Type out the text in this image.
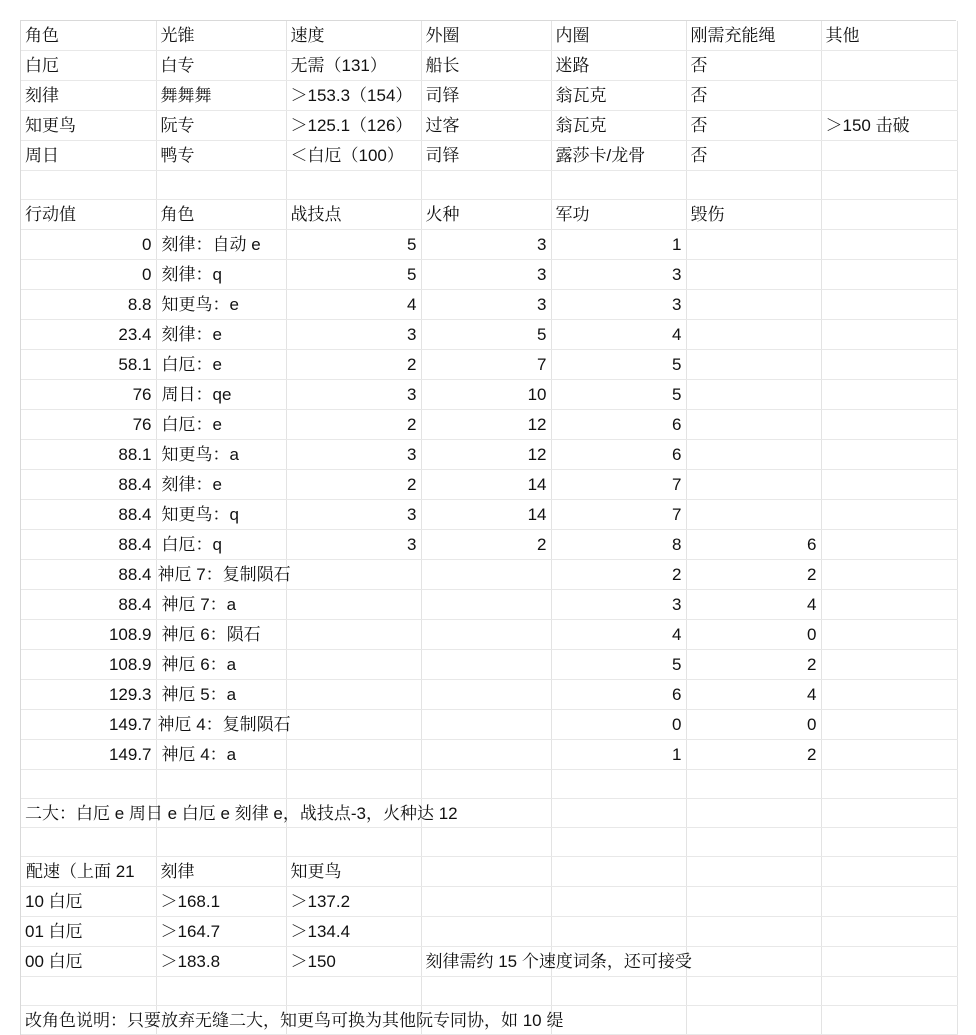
角色	光锥	速度	外圈	内圈	刚需充能绳	其他
白厄	白专	无需（131）	船长	迷路	否	
刻律	舞舞舞	＞153.3（154）	司铎	翁瓦克	否	
知更鸟	阮专	＞125.1（126）	过客	翁瓦克	否	＞150 击破
周日	鸭专	＜白厄（100）	司铎	露莎卡/龙骨	否	

行动值	角色	战技点	火种	军功	毁伤	
0	刻律：自动 e	5	3	1		
0	刻律：q	5	3	3		
8.8	知更鸟：e	4	3	3		
23.4	刻律：e	3	5	4		
58.1	白厄：e	2	7	5		
76	周日：qe	3	10	5		
76	白厄：e	2	12	6		
88.1	知更鸟：a	3	12	6		
88.4	刻律：e	2	14	7		
88.4	知更鸟：q	3	14	7		
88.4	白厄：q	3	2	8	6	
88.4	神厄 7：复制陨石			2	2	
88.4	神厄 7：a			3	4	
108.9	神厄 6：陨石			4	0	
108.9	神厄 6：a			5	2	
129.3	神厄 5：a			6	4	
149.7	神厄 4：复制陨石			0	0	
149.7	神厄 4：a			1	2	

二大：白厄 e 周日 e 白厄 e 刻律 e，战技点-3，火种达 12						

配速（上面 21	刻律	知更鸟				
10 白厄	＞168.1	＞137.2	

01 白厄	＞164.7	＞134.4	

00 白厄	＞183.8	＞150	刻律需约 15 个速度词条，还可接受			

改角色说明：只要放弃无缝二大，知更鸟可换为其他阮专同协，如 10 缇						
